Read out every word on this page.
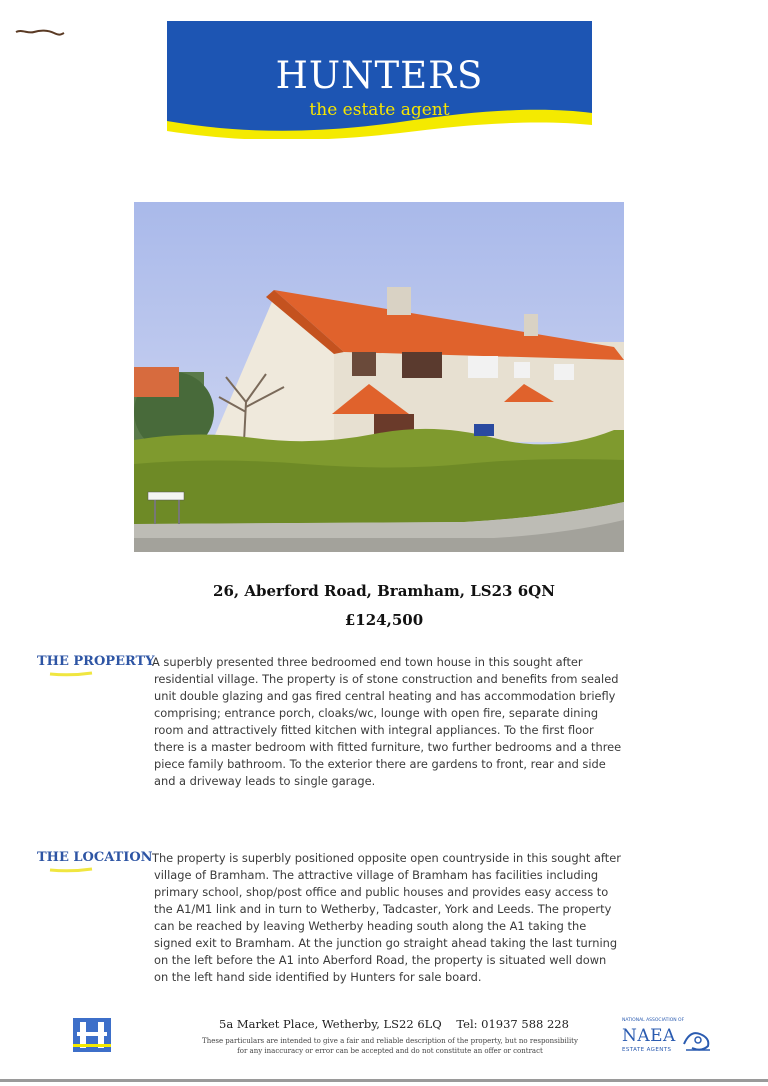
HUNTERS
the estate agent
26, Aberford Road, Bramham, LS23 6QN
£124,500
THE PROPERTY

A superbly presented three bedroomed end town house in this sought after residential village. The property is of stone construction and benefits from sealed unit double glazing and gas fired central heating and has accommodation briefly comprising; entrance porch, cloaks/wc, lounge with open fire, separate dining room and attractively fitted kitchen with integral appliances. To the first floor there is a master bedroom with fitted furniture, two further bedrooms and a three piece family bathroom. To the exterior there are gardens to front, rear and side and a driveway leads to single garage.

THE LOCATION The property is superbly positioned opposite open countryside in this sought after village of Bramham. The attractive village of Bramham has facilities including primary school, shop/post office and public houses and provides easy access to the A1/M1 link and in turn to Wetherby, Tadcaster, York and Leeds. The property can be reached by leaving Wetherby heading south along the A1 taking the signed exit to Bramham. At the junction go straight ahead taking the last turning on the left before the A1 into Aberford Road, the property is situated well down on the left hand side identified by Hunters for sale board.

5a Market Place, Wetherby, LS22 6LQ Tel: 01937 588 228
These particulars are intended to give a fair and reliable description of the property, but no responsibility
for any inaccuracy or error can be accepted and do not constitute an offer or contract
NATIONAL ASSOCIATION OF
NAEA
ESTATE AGENTS
